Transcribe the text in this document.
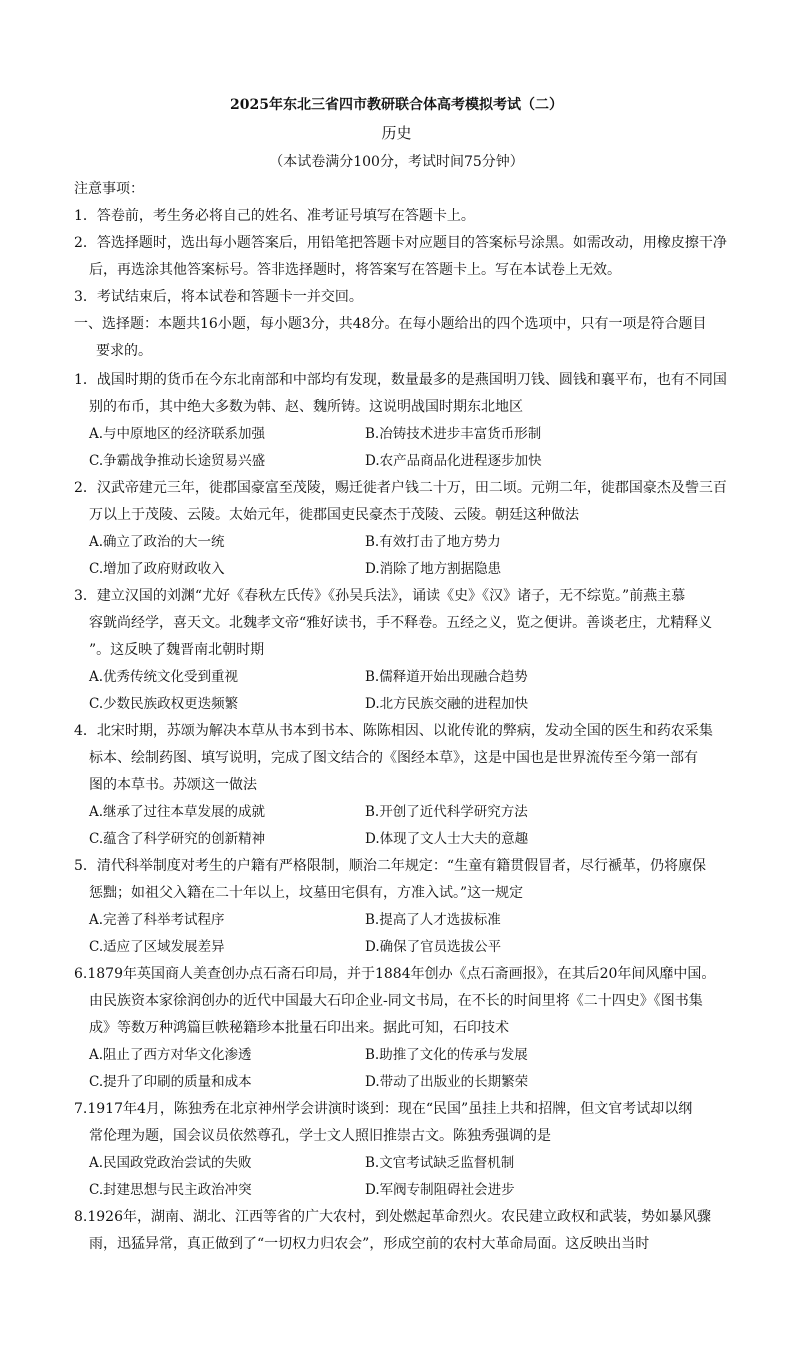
2025年东北三省四市教研联合体高考模拟考试（二）
历史
（本试卷满分100分，考试时间75分钟）
注意事项：
1．答卷前，考生务必将自己的姓名、准考证号填写在答题卡上。
2．答选择题时，选出每小题答案后，用铅笔把答题卡对应题目的答案标号涂黑。如需改动，用橡皮擦干净
后，再选涂其他答案标号。答非选择题时，将答案写在答题卡上。写在本试卷上无效。
3．考试结束后，将本试卷和答题卡一并交回。
一、选择题：本题共16小题，每小题3分，共48分。在每小题给出的四个选项中，只有一项是符合题目
要求的。
1．战国时期的货币在今东北南部和中部均有发现，数量最多的是燕国明刀钱、圆钱和襄平布，也有不同国
别的布币，其中绝大多数为韩、赵、魏所铸。这说明战国时期东北地区
A.与中原地区的经济联系加强	B.冶铸技术进步丰富货币形制
C.争霸战争推动长途贸易兴盛	D.农产品商品化进程逐步加快
2．汉武帝建元三年，徙郡国豪富至茂陵，赐迁徙者户钱二十万，田二顷。元朔二年，徙郡国豪杰及訾三百
万以上于茂陵、云陵。太始元年，徙郡国吏民豪杰于茂陵、云陵。朝廷这种做法
A.确立了政治的大一统	B.有效打击了地方势力
C.增加了政府财政收入	D.消除了地方割据隐患
3．建立汉国的刘渊“尤好《春秋左氏传》《孙吴兵法》，诵读《史》《汉》诸子，无不综览。”前燕主慕
容皝尚经学，喜天文。北魏孝文帝“雅好读书，手不释卷。五经之义，览之便讲。善谈老庄，尤精释义
”。这反映了魏晋南北朝时期
A.优秀传统文化受到重视	B.儒释道开始出现融合趋势
C.少数民族政权更迭频繁	D.北方民族交融的进程加快
4．北宋时期，苏颂为解决本草从书本到书本、陈陈相因、以讹传讹的弊病，发动全国的医生和药农采集
标本、绘制药图、填写说明，完成了图文结合的《图经本草》，这是中国也是世界流传至今第一部有
图的本草书。苏颂这一做法
A.继承了过往本草发展的成就	B.开创了近代科学研究方法
C.蕴含了科学研究的创新精神	D.体现了文人士大夫的意趣
5．清代科举制度对考生的户籍有严格限制，顺治二年规定：“生童有籍贯假冒者，尽行褫革，仍将廪保
惩黜；如祖父入籍在二十年以上，坟墓田宅俱有，方准入试。”这一规定
A.完善了科举考试程序	B.提高了人才选拔标准
C.适应了区域发展差异	D.确保了官员选拔公平
6.1879年英国商人美查创办点石斋石印局，并于1884年创办《点石斋画报》，在其后20年间风靡中国。
由民族资本家徐润创办的近代中国最大石印企业-同文书局，在不长的时间里将《二十四史》《图书集
成》等数万种鸿篇巨帙秘籍珍本批量石印出来。据此可知，石印技术
A.阻止了西方对华文化渗透	B.助推了文化的传承与发展
C.提升了印刷的质量和成本	D.带动了出版业的长期繁荣
7.1917年4月，陈独秀在北京神州学会讲演时谈到：现在“民国”虽挂上共和招牌，但文官考试却以纲
常伦理为题，国会议员依然尊孔，学士文人照旧推崇古文。陈独秀强调的是
A.民国政党政治尝试的失败	B.文官考试缺乏监督机制
C.封建思想与民主政治冲突	D.军阀专制阻碍社会进步
8.1926年，湖南、湖北、江西等省的广大农村，到处燃起革命烈火。农民建立政权和武装，势如暴风骤
雨，迅猛异常，真正做到了“一切权力归农会”，形成空前的农村大革命局面。这反映出当时
